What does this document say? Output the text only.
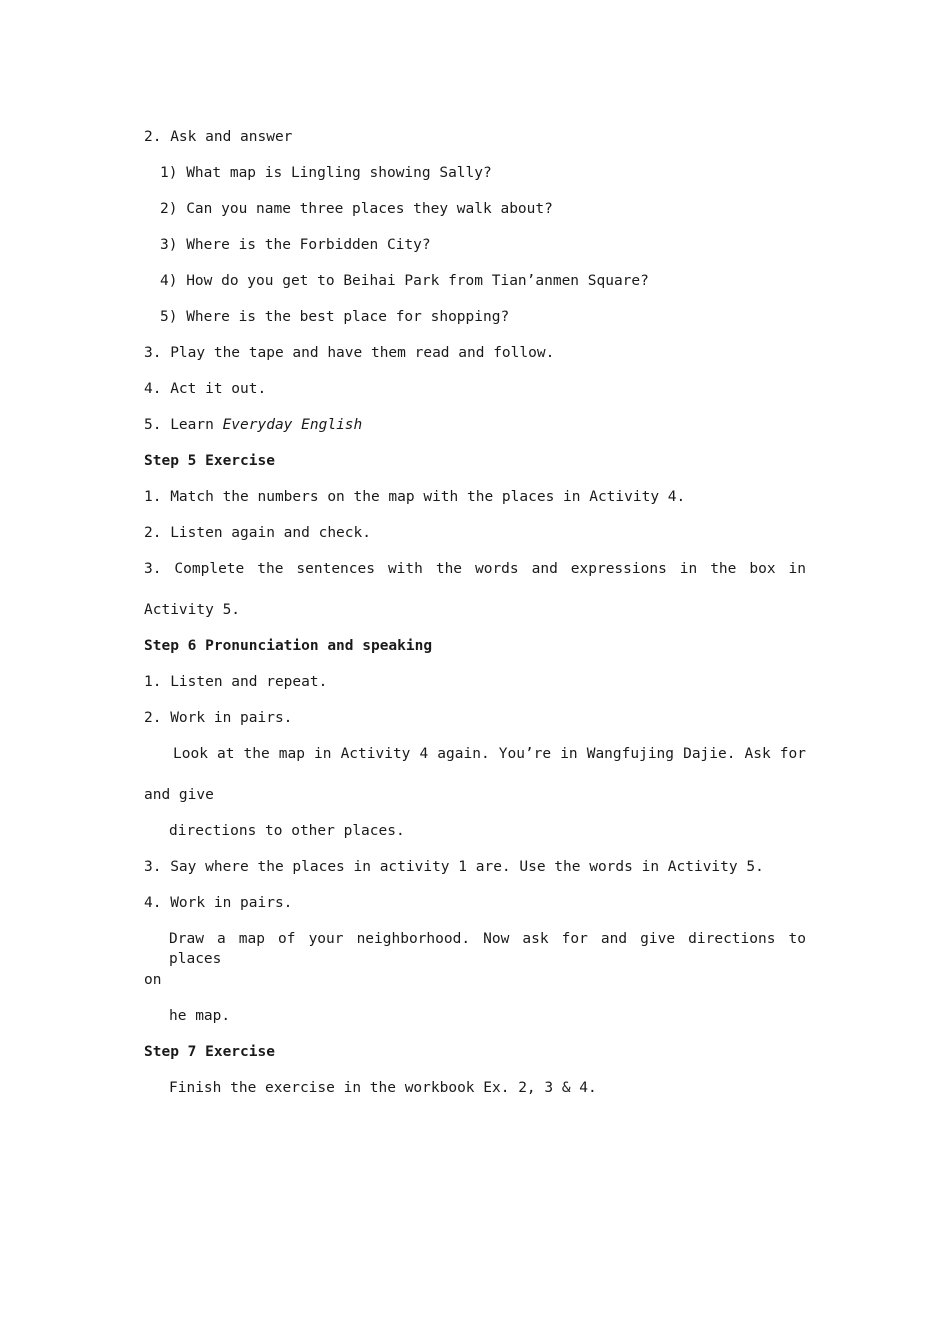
2. Ask and answer
1) What map is Lingling showing Sally?
2) Can you name three places they walk about?
3) Where is the Forbidden City?
4) How do you get to Beihai Park from Tian’anmen Square?
5) Where is the best place for shopping?
3. Play the tape and have them read and follow.
4. Act it out.
5. Learn Everyday English
Step 5 Exercise
1. Match the numbers on the map with the places in Activity 4.
2. Listen again and check.
3. Complete the sentences with the words and expressions in the box in
Activity 5.
Step 6 Pronunciation and speaking
1. Listen and repeat.
2. Work in pairs.
Look at the map in Activity 4 again. You’re in Wangfujing Dajie. Ask for
and give
directions to other places.
3. Say where the places in activity 1 are. Use the words in Activity 5.
4. Work in pairs.
Draw a map of your neighborhood. Now ask for and give directions to places
on
he map.
Step 7 Exercise
Finish the exercise in the workbook Ex. 2, 3 & 4.
